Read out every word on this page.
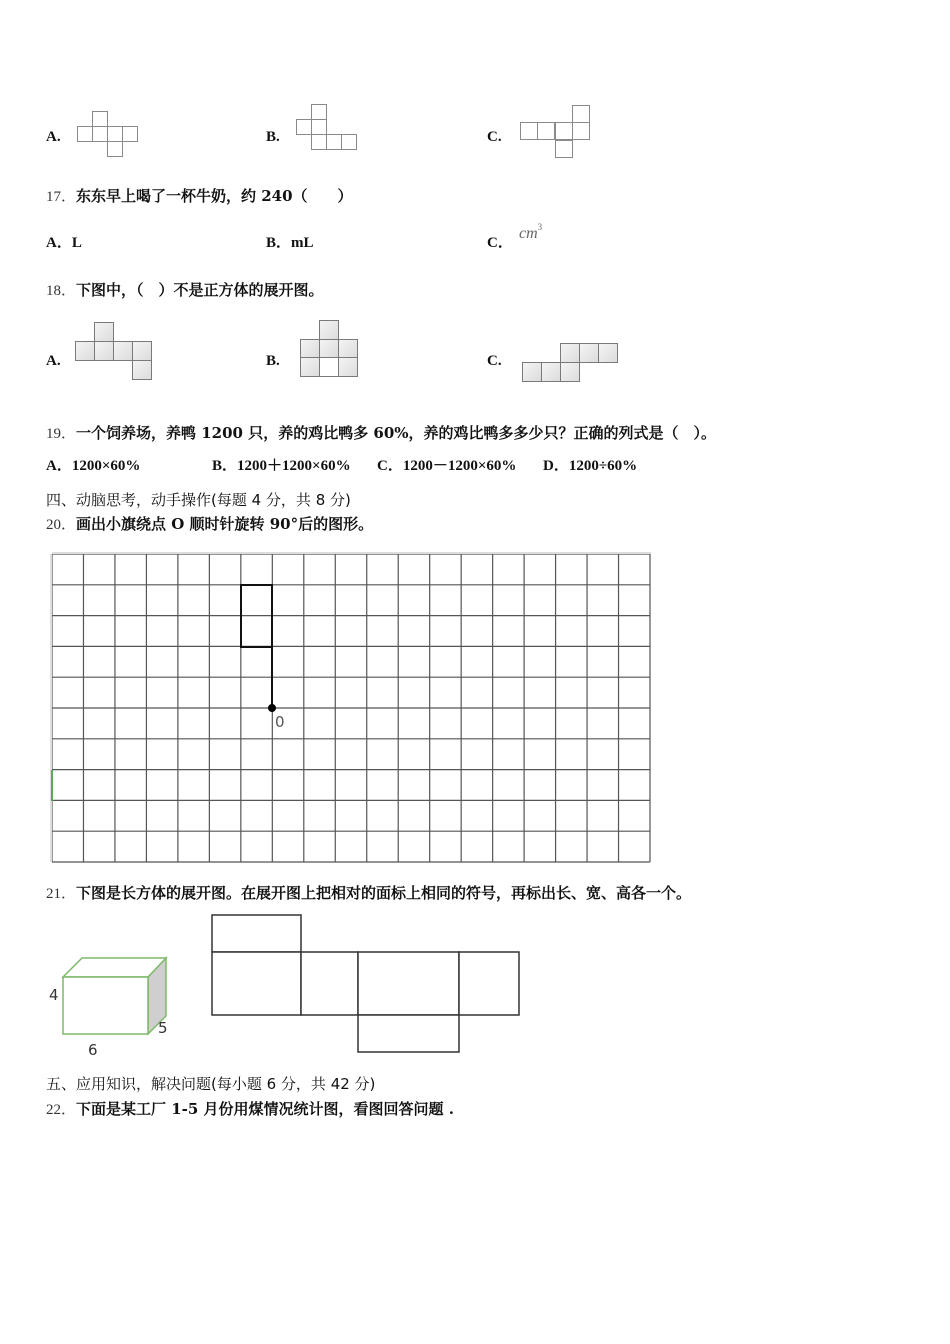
A.	B.	C.
17．东东早上喝了一杯牛奶，约 240（　　）
A．L	B．mL	C．
$cm^3$
18．下图中，（　）不是正方体的展开图。
A.	B.	C.
19．一个饲养场，养鸭 1200 只，养的鸡比鸭多 60%，养的鸡比鸭多多少只？正确的列式是（　）。
A．1200×60%	B．1200＋1200×60% C．1200－1200×60% D．1200÷60%
四、动脑思考，动手操作(每题 4 分，共 8 分)
20．画出小旗绕点 O 顺时针旋转 90°后的图形。
0
21．下图是长方体的展开图。在展开图上把相对的面标上相同的符号，再标出长、宽、高各一个。
4
5
6
五、应用知识，解决问题(每小题 6 分，共 42 分)
22．下面是某工厂 1-5 月份用煤情况统计图，看图回答问题 .
